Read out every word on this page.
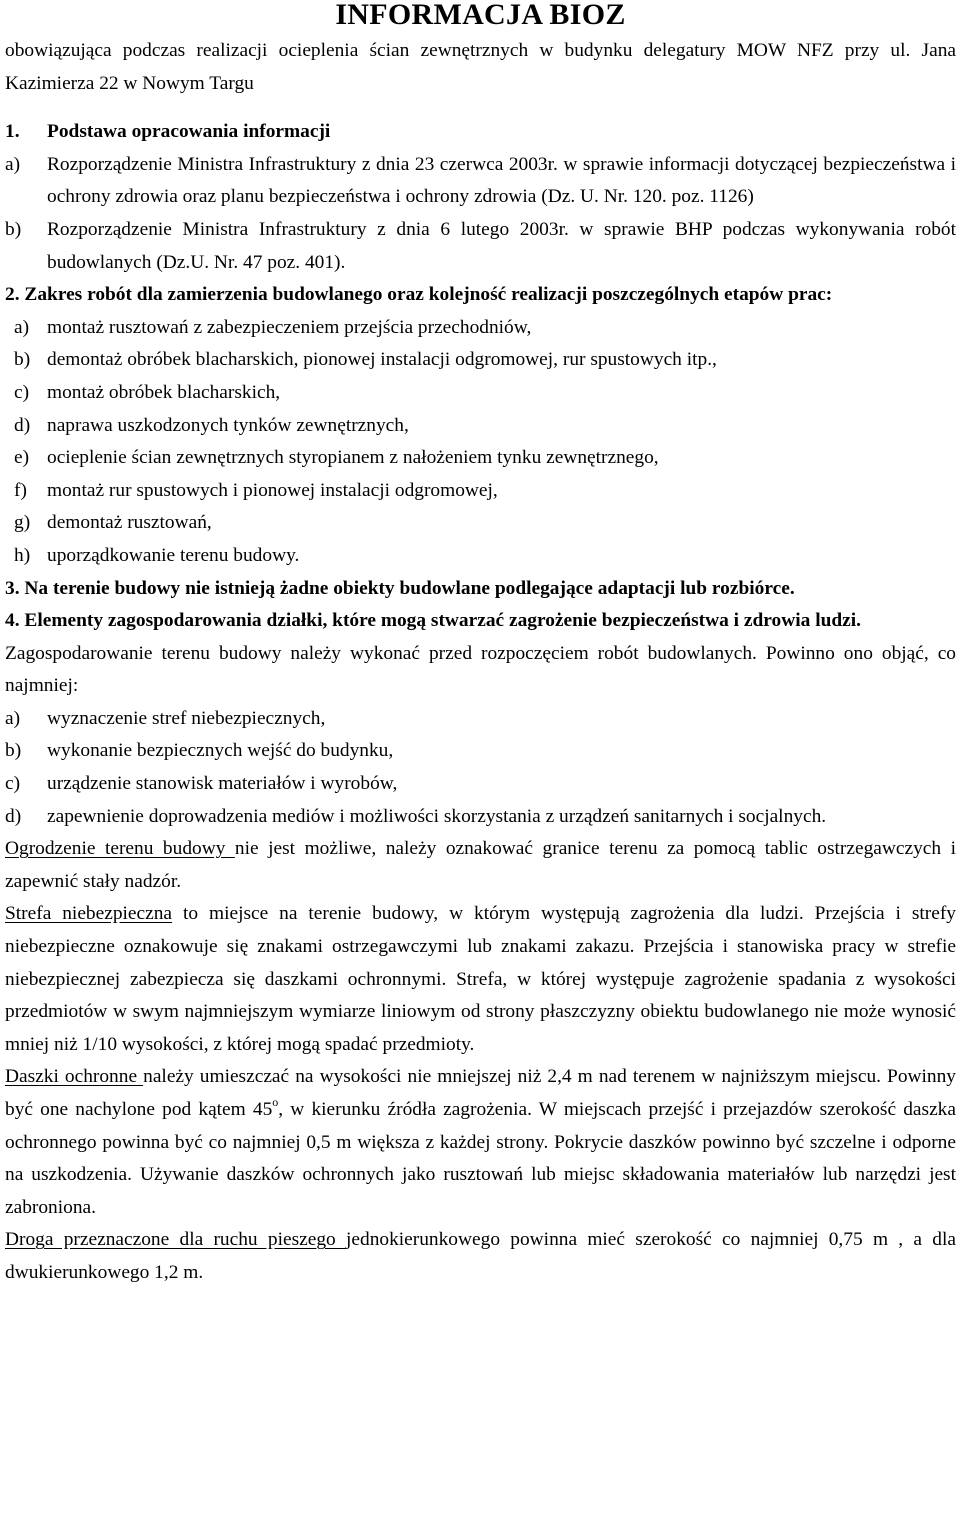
INFORMACJA BIOZ

obowiązująca podczas realizacji ocieplenia ścian zewnętrznych w budynku delegatury MOW NFZ przy ul. Jana Kazimierza 22 w Nowym Targu

1.	Podstawa opracowania informacji
a)	Rozporządzenie Ministra Infrastruktury z dnia 23 czerwca 2003r. w sprawie informacji dotyczącej bezpieczeństwa i ochrony zdrowia oraz planu bezpieczeństwa i ochrony zdrowia (Dz. U. Nr. 120. poz. 1126)
b)	Rozporządzenie Ministra Infrastruktury z dnia 6 lutego 2003r. w sprawie BHP podczas wykonywania robót budowlanych (Dz.U. Nr. 47 poz. 401).
2. Zakres robót dla zamierzenia budowlanego oraz kolejność realizacji poszczególnych etapów prac:
a) montaż rusztowań z zabezpieczeniem przejścia przechodniów,
b) demontaż obróbek blacharskich, pionowej instalacji odgromowej, rur spustowych itp.,
c) montaż obróbek blacharskich,
d) naprawa uszkodzonych tynków zewnętrznych,
e) ocieplenie ścian zewnętrznych styropianem z nałożeniem tynku zewnętrznego,
f)	montaż rur spustowych i pionowej instalacji odgromowej,
g) demontaż rusztowań,
h) uporządkowanie terenu budowy.
3. Na terenie budowy nie istnieją żadne obiekty budowlane podlegające adaptacji lub rozbiórce.
4. Elementy zagospodarowania działki, które mogą stwarzać zagrożenie bezpieczeństwa i zdrowia ludzi.

Zagospodarowanie terenu budowy należy wykonać przed rozpoczęciem robót budowlanych. Powinno ono objąć, co najmniej:

a)	wyznaczenie stref niebezpiecznych,
b)	wykonanie bezpiecznych wejść do budynku,
c)	urządzenie stanowisk materiałów i wyrobów,
d)	zapewnienie doprowadzenia mediów i możliwości skorzystania z urządzeń sanitarnych i socjalnych.

Ogrodzenie terenu budowy nie jest możliwe, należy oznakować granice terenu za pomocą tablic ostrzegawczych i zapewnić stały nadzór.

Strefa niebezpieczna to miejsce na terenie budowy, w którym występują zagrożenia dla ludzi. Przejścia i strefy niebezpieczne oznakowuje się znakami ostrzegawczymi lub znakami zakazu. Przejścia i stanowiska pracy w strefie niebezpiecznej zabezpiecza się daszkami ochronnymi. Strefa, w której występuje zagrożenie spadania z wysokości przedmiotów w swym najmniejszym wymiarze liniowym od strony płaszczyzny obiektu budowlanego nie może wynosić mniej niż 1/10 wysokości, z której mogą spadać przedmioty.

Daszki ochronne należy umieszczać na wysokości nie mniejszej niż 2,4 m nad terenem w najniższym miejscu. Powinny być one nachylone pod kątem 45$^o$, w kierunku źródła zagrożenia. W miejscach przejść i przejazdów szerokość daszka ochronnego powinna być co najmniej 0,5 m większa z każdej strony. Pokrycie daszków powinno być szczelne i odporne na uszkodzenia. Używanie daszków ochronnych jako rusztowań lub miejsc składowania materiałów lub narzędzi jest zabroniona.

Droga przeznaczone dla ruchu pieszego jednokierunkowego powinna mieć szerokość co najmniej 0,75 m , a dla dwukierunkowego 1,2 m.
